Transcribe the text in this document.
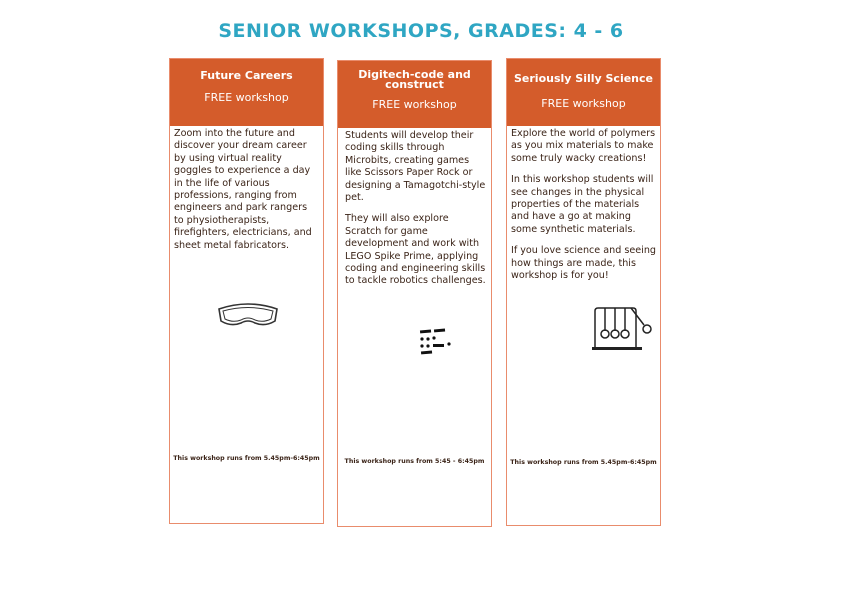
SENIOR WORKSHOPS, GRADES: 4 - 6
Future Careers
FREE workshop

Zoom into the future and discover your dream career by using virtual reality goggles to experience a day in the life of various professions, ranging from engineers and park rangers to physiotherapists, firefighters, electricians, and sheet metal fabricators.

This workshop runs from 5.45pm-6:45pm
Digitech-code and construct
FREE workshop

Students will develop their coding skills through Microbits, creating games like Scissors Paper Rock or designing a Tamagotchi-style pet.

They will also explore Scratch for game development and work with LEGO Spike Prime, applying coding and engineering skills to tackle robotics challenges.

This workshop runs from 5:45 - 6:45pm
Seriously Silly Science
FREE workshop

Explore the world of polymers as you mix materials to make some truly wacky creations!

In this workshop students will see changes in the physical properties of the materials and have a go at making some synthetic materials.

If you love science and seeing how things are made, this workshop is for you!

This workshop runs from 5.45pm-6:45pm
